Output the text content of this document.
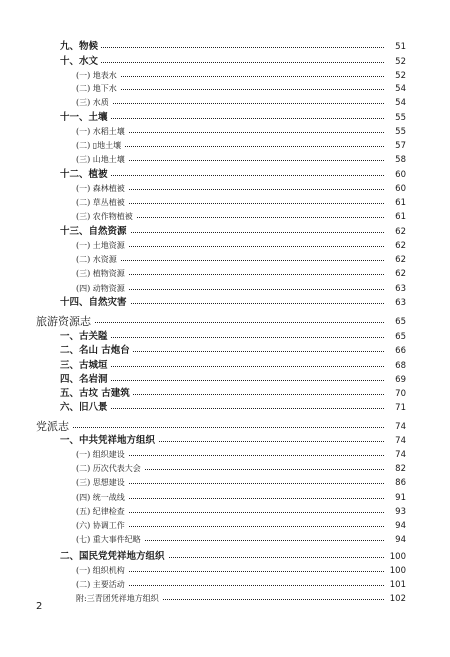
九、物候	51
十、水文	52
(一) 地表水	52
(二) 地下水	54
(三) 水质	54
十一、土壤	55
(一) 水稻土壤	55
(二) ▯地土壤	57
(三) 山地土壤	58
十二、植被	60
(一) 森林植被	60
(二) 草丛植被	61
(三) 农作物植被	61
十三、自然资源	62
(一) 土地资源	62
(二) 水资源	62
(三) 植物资源	62
(四) 动物资源	63
十四、自然灾害	63
旅游资源志	65
一、古关隘	65
二、名山 古炮台	66
三、古城垣	68
四、名岩洞	69
五、古坟 古建筑	70
六、旧八景	71
党派志	74
一、中共凭祥地方组织	74
(一) 组织建设	74
(二) 历次代表大会	82
(三) 思想建设	86
(四) 统一战线	91
(五) 纪律检查	93
(六) 协调工作	94
(七) 重大事件纪略	94
二、国民党凭祥地方组织	100
(一) 组织机构	100
(二) 主要活动	101
附:三青团凭祥地方组织	102
2
